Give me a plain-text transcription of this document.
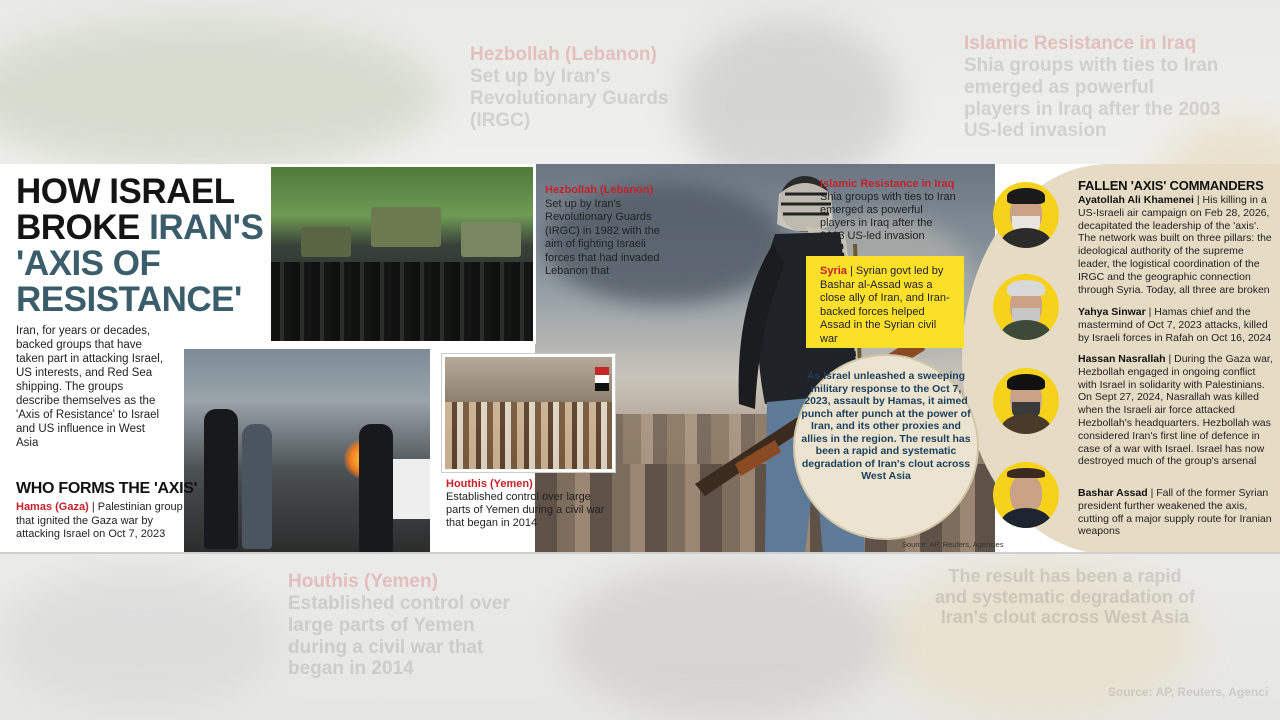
Hezbollah (Lebanon)
Set up by Iran's Revolutionary Guards (IRGC)
Islamic Resistance in Iraq
Shia groups with ties to Iran emerged as powerful players in Iraq after the 2003 US-led invasion
Houthis (Yemen)
Established control over large parts of Yemen during a civil war that began in 2014
The result has been a rapid and systematic degradation of Iran's clout across West Asia
Source: AP, Reuters, Agenci
HOW ISRAEL
BROKE IRAN'S
'AXIS OF
RESISTANCE'
Iran, for years or decades, backed groups that have taken part in attacking Israel, US interests, and Red Sea shipping. The groups describe themselves as the 'Axis of Resistance' to Israel and US influence in West Asia
WHO FORMS THE 'AXIS'
Hamas (Gaza) | Palestinian group that ignited the Gaza war by attacking Israel on Oct 7, 2023
Houthis (Yemen)
Established control over large parts of Yemen during a civil war that began in 2014
Hezbollah (Lebanon)
Set up by Iran's Revolutionary Guards (IRGC) in 1982 with the aim of fighting Israeli forces that had invaded Lebanon that
Islamic Resistance in Iraq
Shia groups with ties to Iran emerged as powerful players in Iraq after the 2003 US-led invasion
Syria | Syrian govt led by Bashar al-Assad was a close ally of Iran, and Iran-backed forces helped Assad in the Syrian civil war
As Israel unleashed a sweeping military response to the Oct 7, 2023, assault by Hamas, it aimed punch after punch at the power of Iran, and its other proxies and allies in the region. The result has been a rapid and systematic degradation of Iran's clout across West Asia
Source: AP, Reuters, Agencies
FALLEN 'AXIS' COMMANDERS
Ayatollah Ali Khamenei | His killing in a US-Israeli air campaign on Feb 28, 2026, decapitated the leadership of the 'axis'. The network was built on three pillars: the ideological authority of the supreme leader, the logistical coordination of the IRGC and the geographic connection through Syria. Today, all three are broken
Yahya Sinwar | Hamas chief and the mastermind of Oct 7, 2023 attacks, killed by Israeli forces in Rafah on Oct 16, 2024
Hassan Nasrallah | During the Gaza war, Hezbollah engaged in ongoing conflict with Israel in solidarity with Palestinians. On Sept 27, 2024, Nasrallah was killed when the Israeli air force attacked Hezbollah's headquarters. Hezbollah was considered Iran's first line of defence in case of a war with Israel. Israel has now destroyed much of the group's arsenal
Bashar Assad | Fall of the former Syrian president further weakened the axis, cutting off a major supply route for Iranian weapons
